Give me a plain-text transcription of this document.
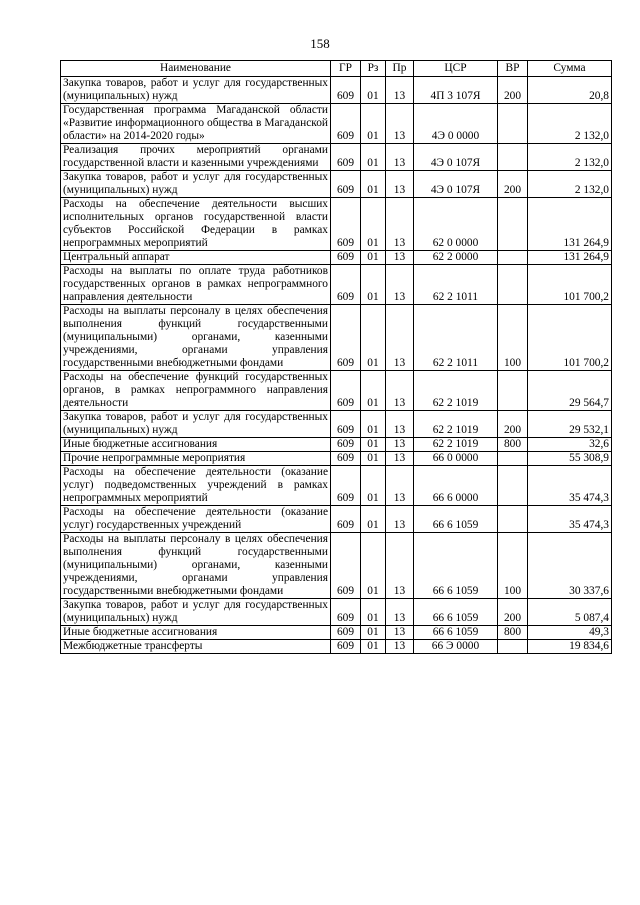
158
Наименование	ГР	Рз	Пр	ЦСР	ВР	Сумма
Закупка товаров, работ и услуг для государственных (муниципальных) нужд	609	01	13	4П 3 107Я	200	20,8
Государственная программа Магаданской области «Развитие информационного общества в Магаданской области» на 2014-2020 годы»	609	01	13	4Э 0 0000		2 132,0
Реализация прочих мероприятий органами государственной власти и казенными учреждениями	609	01	13	4Э 0 107Я		2 132,0
Закупка товаров, работ и услуг для государственных (муниципальных) нужд	609	01	13	4Э 0 107Я	200	2 132,0
Расходы на обеспечение деятельности высших исполнительных органов государственной власти субъектов Российской Федерации в рамках непрограммных мероприятий	609	01	13	62 0 0000		131 264,9
Центральный аппарат	609	01	13	62 2 0000		131 264,9
Расходы на выплаты по оплате труда работников государственных органов в рамках непрограммного направления деятельности	609	01	13	62 2 1011		101 700,2
Расходы на выплаты персоналу в целях обеспечения выполнения функций государственными (муниципальными) органами, казенными учреждениями, органами управления государственными внебюджетными фондами	609	01	13	62 2 1011	100	101 700,2
Расходы на обеспечение функций государственных органов, в рамках непрограммного направления деятельности	609	01	13	62 2 1019		29 564,7
Закупка товаров, работ и услуг для государственных (муниципальных) нужд	609	01	13	62 2 1019	200	29 532,1
Иные бюджетные ассигнования	609	01	13	62 2 1019	800	32,6
Прочие непрограммные мероприятия	609	01	13	66 0 0000		55 308,9
Расходы на обеспечение деятельности (оказание услуг) подведомственных учреждений в рамках непрограммных мероприятий	609	01	13	66 6 0000		35 474,3
Расходы на обеспечение деятельности (оказание услуг) государственных учреждений	609	01	13	66 6 1059		35 474,3
Расходы на выплаты персоналу в целях обеспечения выполнения функций государственными (муниципальными) органами, казенными учреждениями, органами управления государственными внебюджетными фондами	609	01	13	66 6 1059	100	30 337,6
Закупка товаров, работ и услуг для государственных (муниципальных) нужд	609	01	13	66 6 1059	200	5 087,4
Иные бюджетные ассигнования	609	01	13	66 6 1059	800	49,3
Межбюджетные трансферты	609	01	13	66 Э 0000		19 834,6
